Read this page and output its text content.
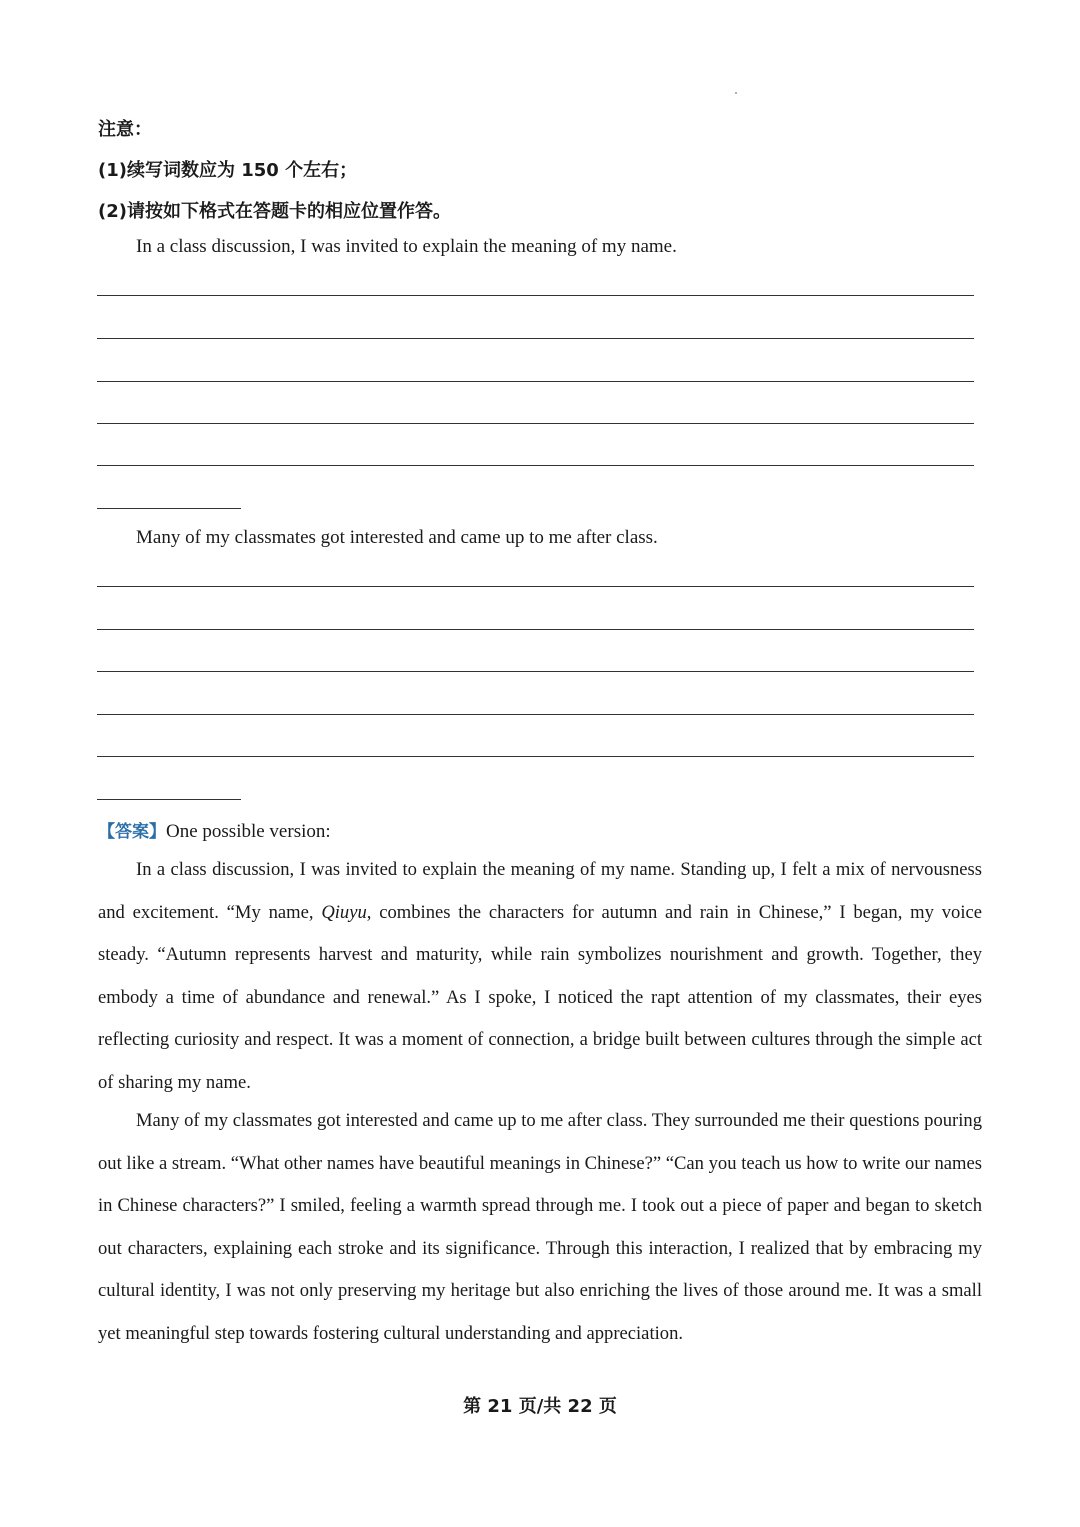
注意：
(1)续写词数应为 150 个左右；
(2)请按如下格式在答题卡的相应位置作答。
In a class discussion, I was invited to explain the meaning of my name.
Many of my classmates got interested and came up to me after class.
【答案】One possible version:
In a class discussion, I was invited to explain the meaning of my name. Standing up, I felt a mix of nervousness and excitement. “My name, Qiuyu, combines the characters for autumn and rain in Chinese,” I began, my voice steady. “Autumn represents harvest and maturity, while rain symbolizes nourishment and growth. Together, they embody a time of abundance and renewal.” As I spoke, I noticed the rapt attention of my classmates, their eyes reflecting curiosity and respect. It was a moment of connection, a bridge built between cultures through the simple act of sharing my name.
Many of my classmates got interested and came up to me after class. They surrounded me their questions pouring out like a stream. “What other names have beautiful meanings in Chinese?” “Can you teach us how to write our names in Chinese characters?” I smiled, feeling a warmth spread through me. I took out a piece of paper and began to sketch out characters, explaining each stroke and its significance. Through this interaction, I realized that by embracing my cultural identity, I was not only preserving my heritage but also enriching the lives of those around me. It was a small yet meaningful step towards fostering cultural understanding and appreciation.
第 21 页/共 22 页
